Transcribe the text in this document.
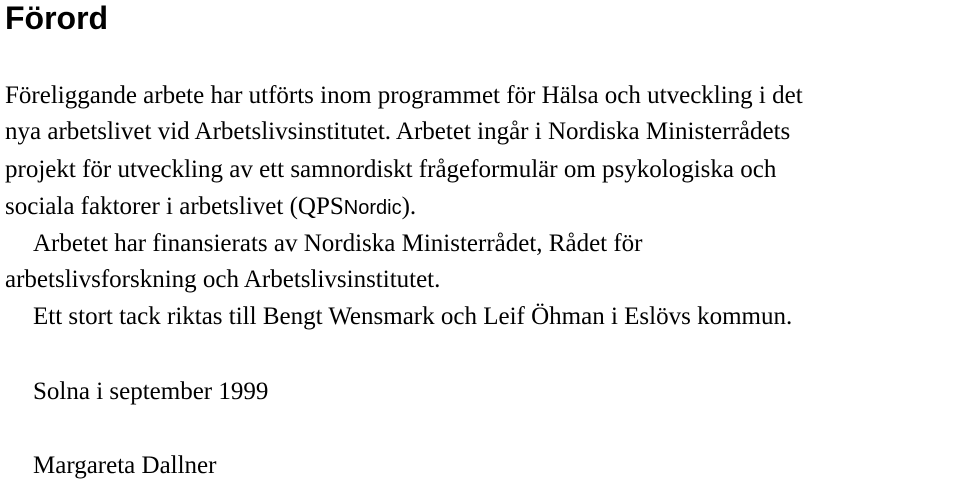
Förord

Föreliggande arbete har utförts inom programmet för Hälsa och utveckling i det

nya arbetslivet vid Arbetslivsinstitutet. Arbetet ingår i Nordiska Ministerrådets

projekt för utveckling av ett samnordiskt frågeformulär om psykologiska och

sociala faktorer i arbetslivet (QPSNordic).

Arbetet har finansierats av Nordiska Ministerrådet, Rådet för

arbetslivsforskning och Arbetslivsinstitutet.

Ett stort tack riktas till Bengt Wensmark och Leif Öhman i Eslövs kommun.

Solna i september 1999

Margareta Dallner
